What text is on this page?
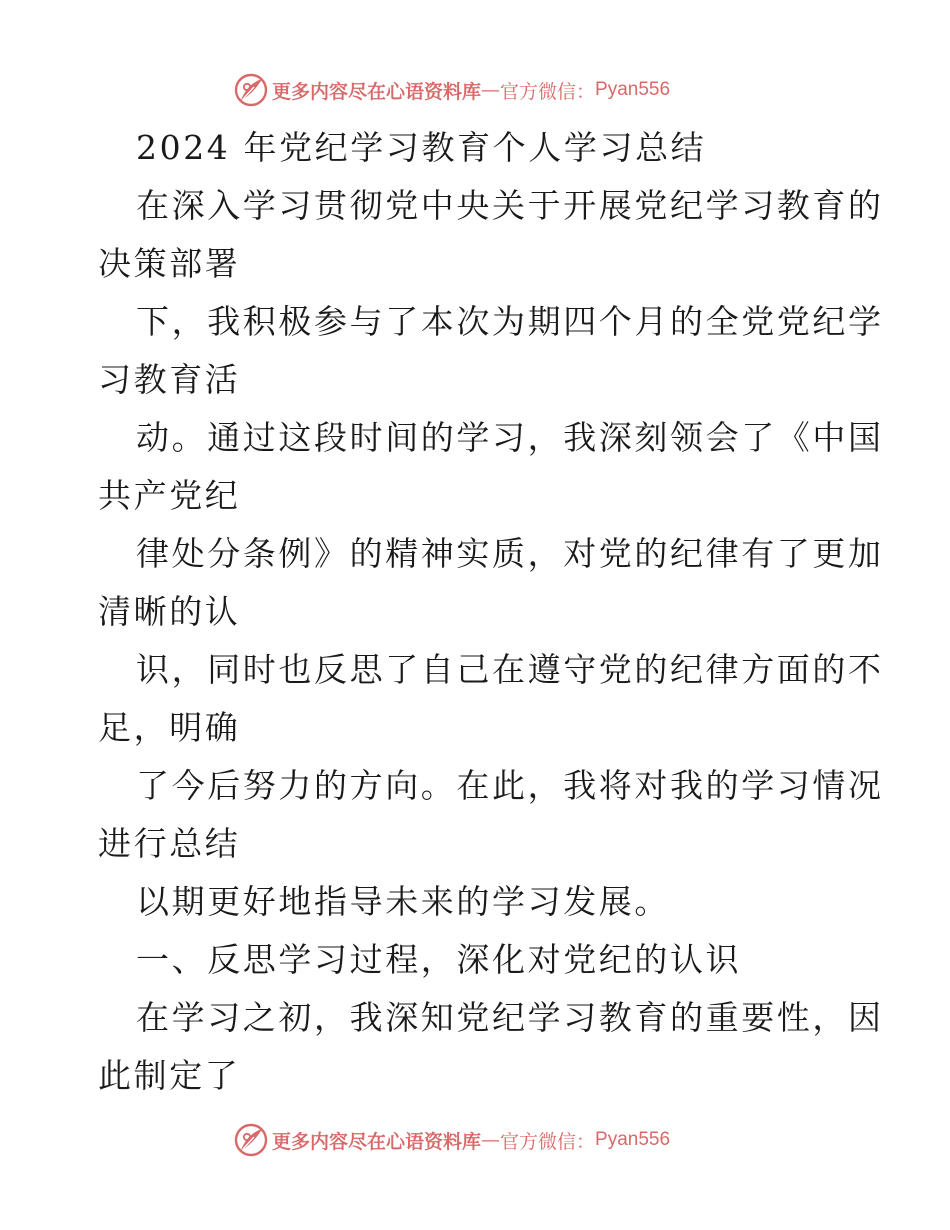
更多内容尽在心语资料库 — 官方微信： Pyan556

2024 年党纪学习教育个人学习总结

在深入学习贯彻党中央关于开展党纪学习教育的

决策部署

下，我积极参与了本次为期四个月的全党党纪学

习教育活

动。通过这段时间的学习，我深刻领会了《中国

共产党纪

律处分条例》的精神实质，对党的纪律有了更加

清晰的认

识，同时也反思了自己在遵守党的纪律方面的不

足，明确

了今后努力的方向。在此，我将对我的学习情况

进行总结

以期更好地指导未来的学习发展。

一、反思学习过程，深化对党纪的认识

在学习之初，我深知党纪学习教育的重要性，因

此制定了

更多内容尽在心语资料库 — 官方微信： Pyan556
